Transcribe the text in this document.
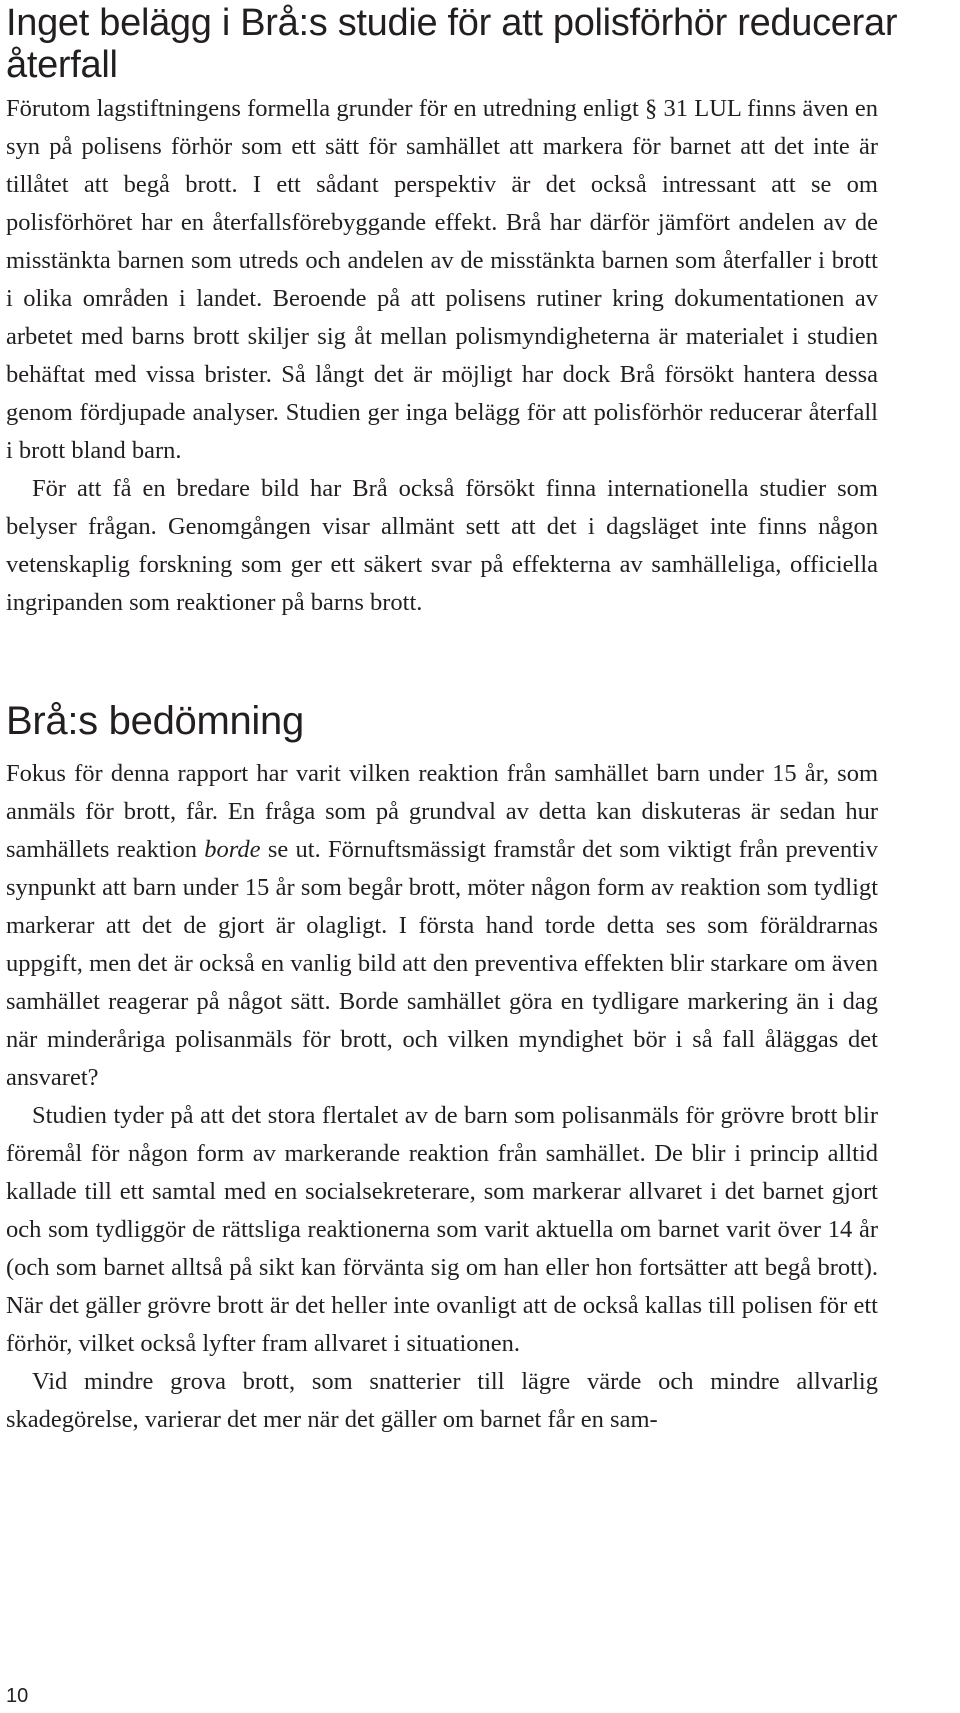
Inget belägg i Brå:s studie för att polisförhör reducerar återfall

Förutom lagstiftningens formella grunder för en utredning enligt § 31 LUL finns även en syn på polisens förhör som ett sätt för samhället att markera för barnet att det inte är tillåtet att begå brott. I ett sådant perspektiv är det också intressant att se om polisförhöret har en återfallsförebyggande effekt. Brå har därför jämfört andelen av de misstänkta barnen som utreds och andelen av de misstänkta barnen som återfaller i brott i olika områden i landet. Beroende på att polisens rutiner kring dokumentationen av arbetet med barns brott skiljer sig åt mellan polismyndigheterna är materialet i studien behäftat med vissa brister. Så långt det är möjligt har dock Brå försökt hantera dessa genom fördjupade analyser. Studien ger inga belägg för att polisförhör reducerar återfall i brott bland barn.

För att få en bredare bild har Brå också försökt finna internationella studier som belyser frågan. Genomgången visar allmänt sett att det i dagsläget inte finns någon vetenskaplig forskning som ger ett säkert svar på effekterna av samhälleliga, officiella ingripanden som reaktioner på barns brott.

Brå:s bedömning

Fokus för denna rapport har varit vilken reaktion från samhället barn under 15 år, som anmäls för brott, får. En fråga som på grundval av detta kan diskuteras är sedan hur samhällets reaktion borde se ut. Förnuftsmässigt framstår det som viktigt från preventiv synpunkt att barn under 15 år som begår brott, möter någon form av reaktion som tydligt markerar att det de gjort är olagligt. I första hand torde detta ses som föräldrarnas uppgift, men det är också en vanlig bild att den preventiva effekten blir starkare om även samhället reagerar på något sätt. Borde samhället göra en tydligare markering än i dag när minderåriga polisanmäls för brott, och vilken myndighet bör i så fall åläggas det ansvaret?

Studien tyder på att det stora flertalet av de barn som polisanmäls för grövre brott blir föremål för någon form av markerande reaktion från samhället. De blir i princip alltid kallade till ett samtal med en socialsekreterare, som markerar allvaret i det barnet gjort och som tydliggör de rättsliga reaktionerna som varit aktuella om barnet varit över 14 år (och som barnet alltså på sikt kan förvänta sig om han eller hon fortsätter att begå brott). När det gäller grövre brott är det heller inte ovanligt att de också kallas till polisen för ett förhör, vilket också lyfter fram allvaret i situationen.

Vid mindre grova brott, som snatterier till lägre värde och mindre allvarlig skadegörelse, varierar det mer när det gäller om barnet får en sam-

10
